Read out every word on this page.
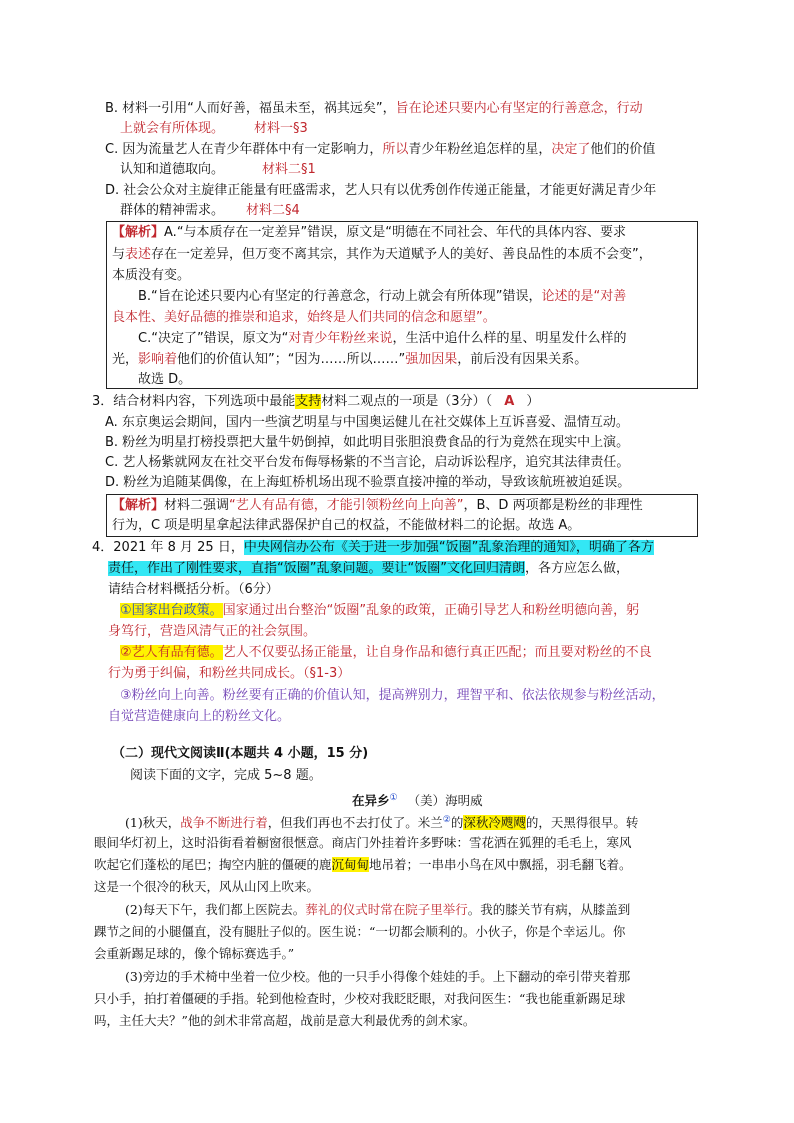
B. 材料一引用“人而好善，福虽未至，祸其远矣”，旨在论述只要内心有坚定的行善意念，行动
上就会有所体现。 材料一§3
C. 因为流量艺人在青少年群体中有一定影响力，所以青少年粉丝追怎样的星，决定了他们的价值
认知和道德取向。	材料二§1
D. 社会公众对主旋律正能量有旺盛需求，艺人只有以优秀创作传递正能量，才能更好满足青少年
群体的精神需求。 材料二§4
【解析】A.“与本质存在一定差异”错误，原文是“明德在不同社会、年代的具体内容、要求
与表述存在一定差异，但万变不离其宗，其作为天道赋予人的美好、善良品性的本质不会变”，
本质没有变。
B.“旨在论述只要内心有坚定的行善意念，行动上就会有所体现”错误，论述的是“对善
良本性、美好品德的推崇和追求，始终是人们共同的信念和愿望”。
C.“决定了”错误，原文为“对青少年粉丝来说，生活中追什么样的星、明星发什么样的
光，影响着他们的价值认知”；“因为……所以……”强加因果，前后没有因果关系。
故选 D。
3．结合材料内容，下列选项中最能支持材料二观点的一项是（3分）（ A ）
A. 东京奥运会期间，国内一些演艺明星与中国奥运健儿在社交媒体上互诉喜爱、温情互动。
B. 粉丝为明星打榜投票把大量牛奶倒掉，如此明目张胆浪费食品的行为竟然在现实中上演。
C. 艺人杨紫就网友在社交平台发布侮辱杨紫的不当言论，启动诉讼程序，追究其法律责任。
D. 粉丝为追随某偶像，在上海虹桥机场出现不验票直接冲撞的举动，导致该航班被迫延误。
【解析】材料二强调“艺人有品有德，才能引领粉丝向上向善”，B、D 两项都是粉丝的非理性
行为，C 项是明星拿起法律武器保护自己的权益，不能做材料二的论据。故选 A。
4．2021 年 8 月 25 日，中央网信办公布《关于进一步加强“饭圈”乱象治理的通知》，明确了各方
责任，作出了刚性要求，直指“饭圈”乱象问题。要让“饭圈”文化回归清朗，各方应怎么做，
请结合材料概括分析。（6分）
①国家出台政策。国家通过出台整治“饭圈”乱象的政策，正确引导艺人和粉丝明德向善，躬
身笃行，营造风清气正的社会氛围。
②艺人有品有德。艺人不仅要弘扬正能量，让自身作品和德行真正匹配；而且要对粉丝的不良
行为勇于纠偏，和粉丝共同成长。（§1-3）
③粉丝向上向善。粉丝要有正确的价值认知，提高辨别力，理智平和、依法依规参与粉丝活动，
自觉营造健康向上的粉丝文化。
（二）现代文阅读Ⅱ(本题共 4 小题，15 分)
阅读下面的文字，完成 5~8 题。
在异乡① （美）海明威
(1)秋天，战争不断进行着，但我们再也不去打仗了。米兰②的深秋冷飕飕的，天黑得很早。转
眼间华灯初上，这时沿街看着橱窗很惬意。商店门外挂着许多野味：雪花洒在狐狸的毛毛上，寒风
吹起它们蓬松的尾巴；掏空内脏的僵硬的鹿沉甸甸地吊着；一串串小鸟在风中飘摇，羽毛翻飞着。
这是一个很冷的秋天，风从山冈上吹来。
(2)每天下午，我们都上医院去。葬礼的仪式时常在院子里举行。我的膝关节有病，从膝盖到
踝节之间的小腿僵直，没有腿肚子似的。医生说：“一切都会顺利的。小伙子，你是个幸运儿。你
会重新踢足球的，像个锦标赛选手。”
(3)旁边的手术椅中坐着一位少校。他的一只手小得像个娃娃的手。上下翻动的牵引带夹着那
只小手，拍打着僵硬的手指。轮到他检查时，少校对我眨眨眼，对我问医生：“我也能重新踢足球
吗，主任大夫？”他的剑术非常高超，战前是意大利最优秀的剑术家。
